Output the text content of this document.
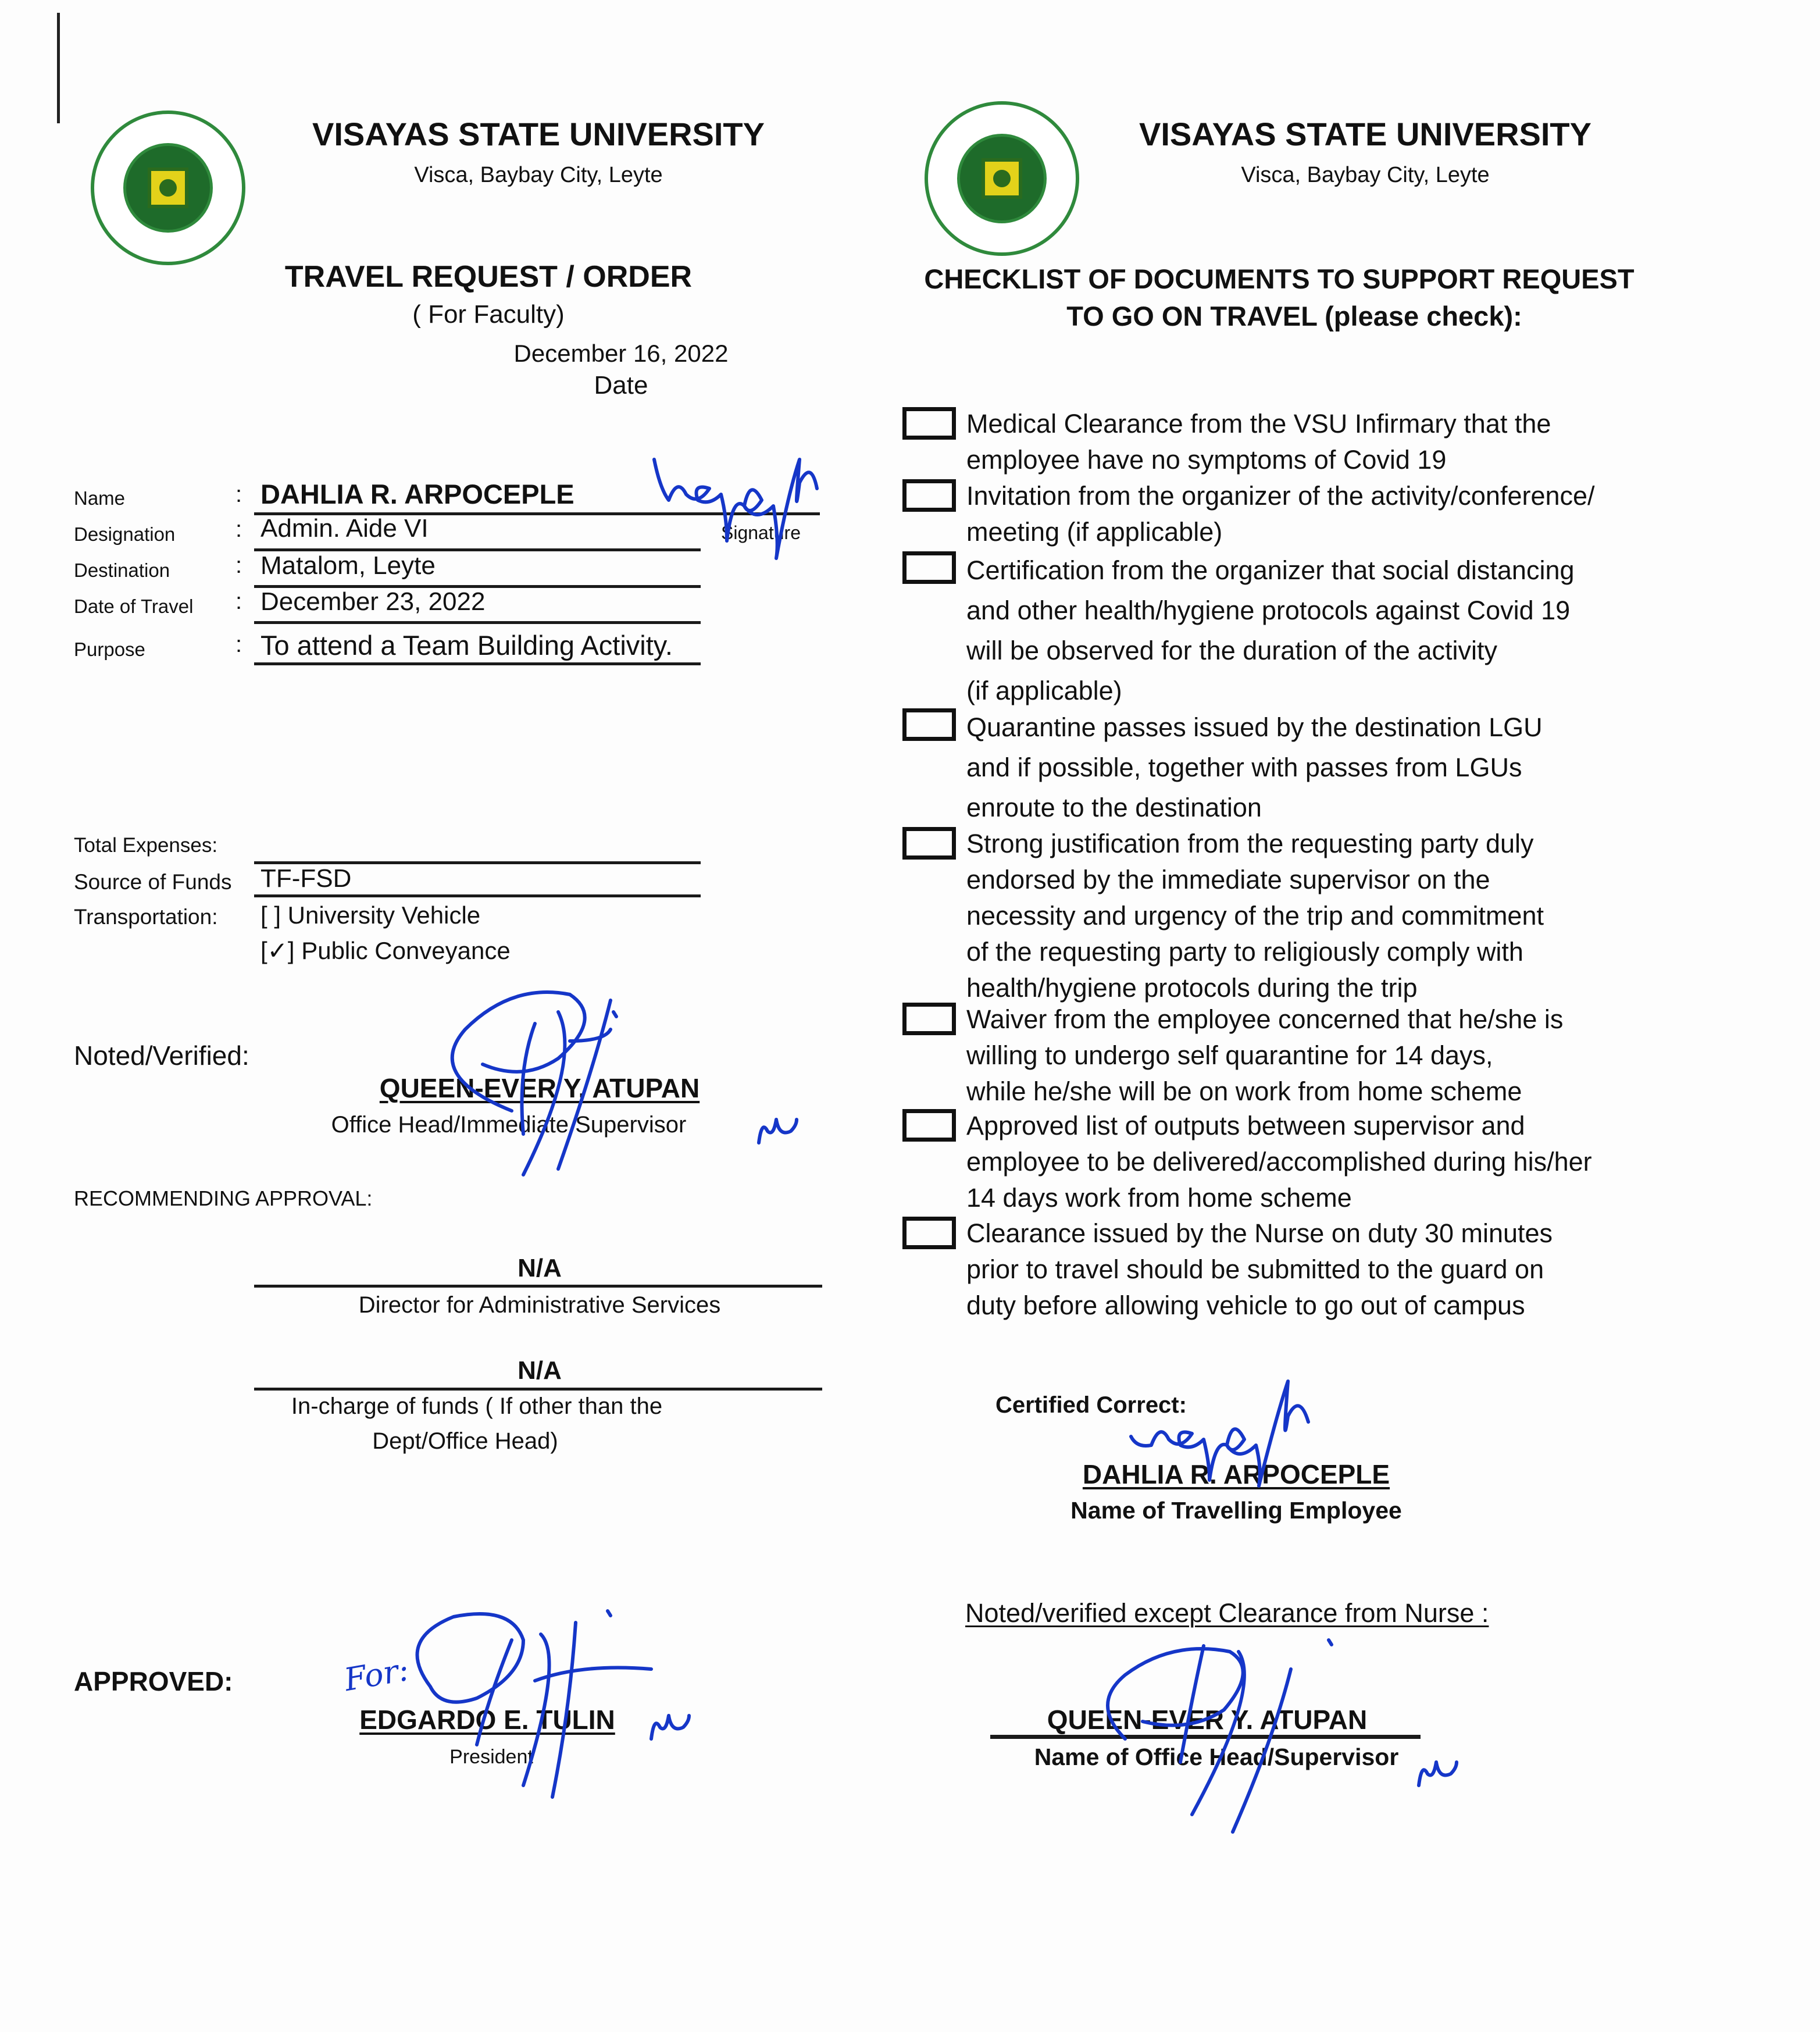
VISAYAS STATE UNIVERSITY
Visca, Baybay City, Leyte
TRAVEL REQUEST / ORDER
( For Faculty)
December 16, 2022
Date
Name	: DAHLIA R. ARPOCEPLE
Signature
Designation	: Admin. Aide VI
Destination	: Matalom, Leyte
Date of Travel : December 23, 2022
Purpose	: To attend a Team Building Activity.
Total Expenses:
Source of Funds TF-FSD
Transportation: [ ] University Vehicle
[✓] Public Conveyance
Noted/Verified:
QUEEN-EVER Y. ATUPAN
Office Head/Immediate Supervisor
RECOMMENDING APPROVAL:
N/A
Director for Administrative Services
N/A
In-charge of funds ( If other than the
Dept/Office Head)
APPROVED:	For:
EDGARDO E. TULIN
President
VISAYAS STATE UNIVERSITY
Visca, Baybay City, Leyte
CHECKLIST OF DOCUMENTS TO SUPPORT REQUEST
TO GO ON TRAVEL (please check):
Medical Clearance from the VSU Infirmary that the
employee have no symptoms of Covid 19
Invitation from the organizer of the activity/conference/
meeting (if applicable)
Certification from the organizer that social distancing
and other health/hygiene protocols against Covid 19
will be observed for the duration of the activity
(if applicable)
Quarantine passes issued by the destination LGU
and if possible, together with passes from LGUs
enroute to the destination
Strong justification from the requesting party duly
endorsed by the immediate supervisor on the
necessity and urgency of the trip and commitment
of the requesting party to religiously comply with
health/hygiene protocols during the trip
Waiver from the employee concerned that he/she is
willing to undergo self quarantine for 14 days,
while he/she will be on work from home scheme
Approved list of outputs between supervisor and
employee to be delivered/accomplished during his/her
14 days work from home scheme
Clearance issued by the Nurse on duty 30 minutes
prior to travel should be submitted to the guard on
duty before allowing vehicle to go out of campus
Certified Correct:
DAHLIA R. ARPOCEPLE
Name of Travelling Employee
Noted/verified except Clearance from Nurse :
QUEEN-EVER Y. ATUPAN
Name of Office Head/Supervisor
